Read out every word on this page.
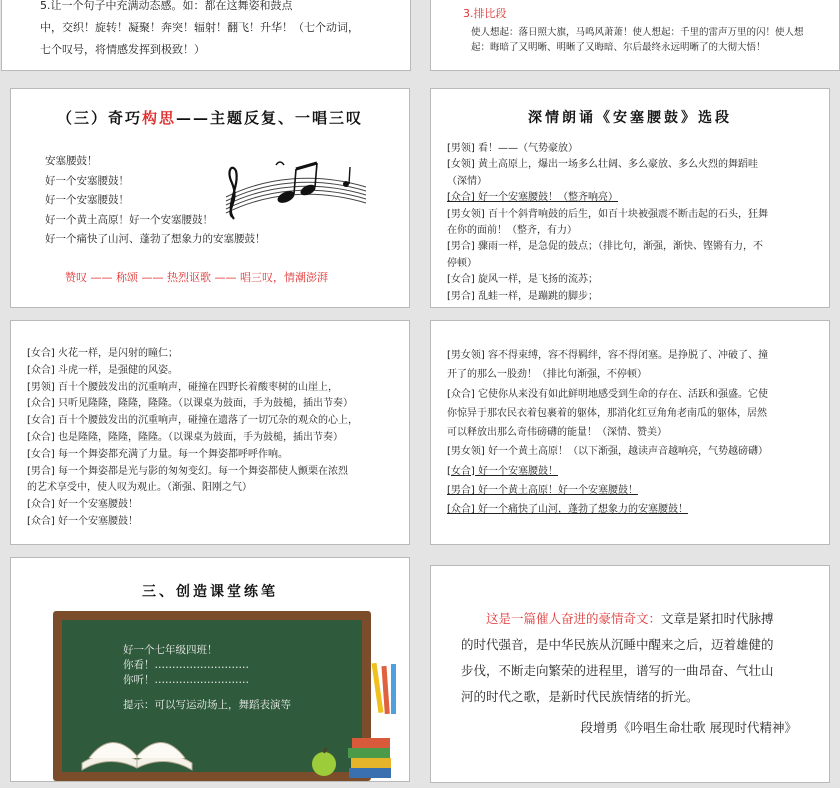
5.让一个句子中充满动态感。如：都在这舞姿和鼓点
中，交织！旋转！凝聚！奔突！辐射！翻飞！升华！（七个动词，
七个叹号，将情感发挥到极致！）
3.排比段
使人想起：落日照大旗，马鸣风萧萧！使人想起：千里的雷声万里的闪！使人想
起：晦暗了又明晰、明晰了又晦暗、尔后最终永远明晰了的大彻大悟！
（三）奇巧构思——主题反复、一唱三叹
安塞腰鼓！
好一个安塞腰鼓！
好一个安塞腰鼓！
好一个黄土高原！好一个安塞腰鼓！
好一个痛快了山河、蓬勃了想象力的安塞腰鼓！
赞叹 —— 称颂 —— 热烈讴歌 —— 唱三叹，情潮澎湃
深情朗诵《安塞腰鼓》选段
[男领] 看！——（气势豪放）
[女领] 黄土高原上，爆出一场多么壮阔、多么豪放、多么火烈的舞蹈哇
（深情）
[众合] 好一个安塞腰鼓！（整齐响亮）
[男女领] 百十个斜背响鼓的后生，如百十块被强震不断击起的石头，狂舞
在你的面前！（整齐，有力）
[男合] 骤雨一样，是急促的鼓点；（排比句，渐强，渐快、铿锵有力，不
停顿）
[女合] 旋风一样，是飞扬的流苏；
[男合] 乱蛙一样，是蹦跳的脚步；
[女合] 火花一样，是闪射的瞳仁；
[众合] 斗虎一样，是强健的风姿。
[男领] 百十个腰鼓发出的沉重响声，碰撞在四野长着酸枣树的山崖上，
[众合] 只听见隆隆，隆隆，隆隆。（以课桌为鼓面，手为鼓槌，插出节奏）
[女合] 百十个腰鼓发出的沉重响声，碰撞在遗落了一切冗杂的观众的心上，
[众合] 也是隆隆，隆隆，隆隆。（以课桌为鼓面，手为鼓槌，插出节奏）
[女合] 每一个舞姿都充满了力量。每一个舞姿都呼呼作响。
[男合] 每一个舞姿都是光与影的匆匆变幻。每一个舞姿都使人颤栗在浓烈
的艺术享受中，使人叹为观止。（渐强、阳刚之气）
[众合] 好一个安塞腰鼓！
[众合] 好一个安塞腰鼓！
[男女领] 容不得束缚，容不得羁绊，容不得闭塞。是挣脱了、冲破了、撞
开了的那么一股劲！（排比句渐强，不停顿）
[众合] 它使你从来没有如此鲜明地感受到生命的存在、活跃和强盛。它使
你惊异于那农民衣着包裹着的躯体，那消化红豆角角老南瓜的躯体，居然
可以释放出那么奇伟磅礴的能量！（深情、赞美）
[男女领] 好一个黄土高原！（以下渐强，越读声音越响亮，气势越磅礴）
[女合] 好一个安塞腰鼓！
[男合] 好一个黄土高原！好一个安塞腰鼓！
[众合] 好一个痛快了山河，蓬勃了想象力的安塞腰鼓！
三、创造课堂练笔
好一个七年级四班！
你看！………………………
你听！………………………
提示：可以写运动场上，舞蹈表演等
这是一篇催人奋进的豪情奇文：文章是紧扣时代脉搏
的时代强音，是中华民族从沉睡中醒来之后，迈着雄健的
步伐，不断走向繁荣的进程里，谱写的一曲昂奋、气壮山
河的时代之歌，是新时代民族情绪的折光。
段增勇《吟唱生命壮歌 展现时代精神》
